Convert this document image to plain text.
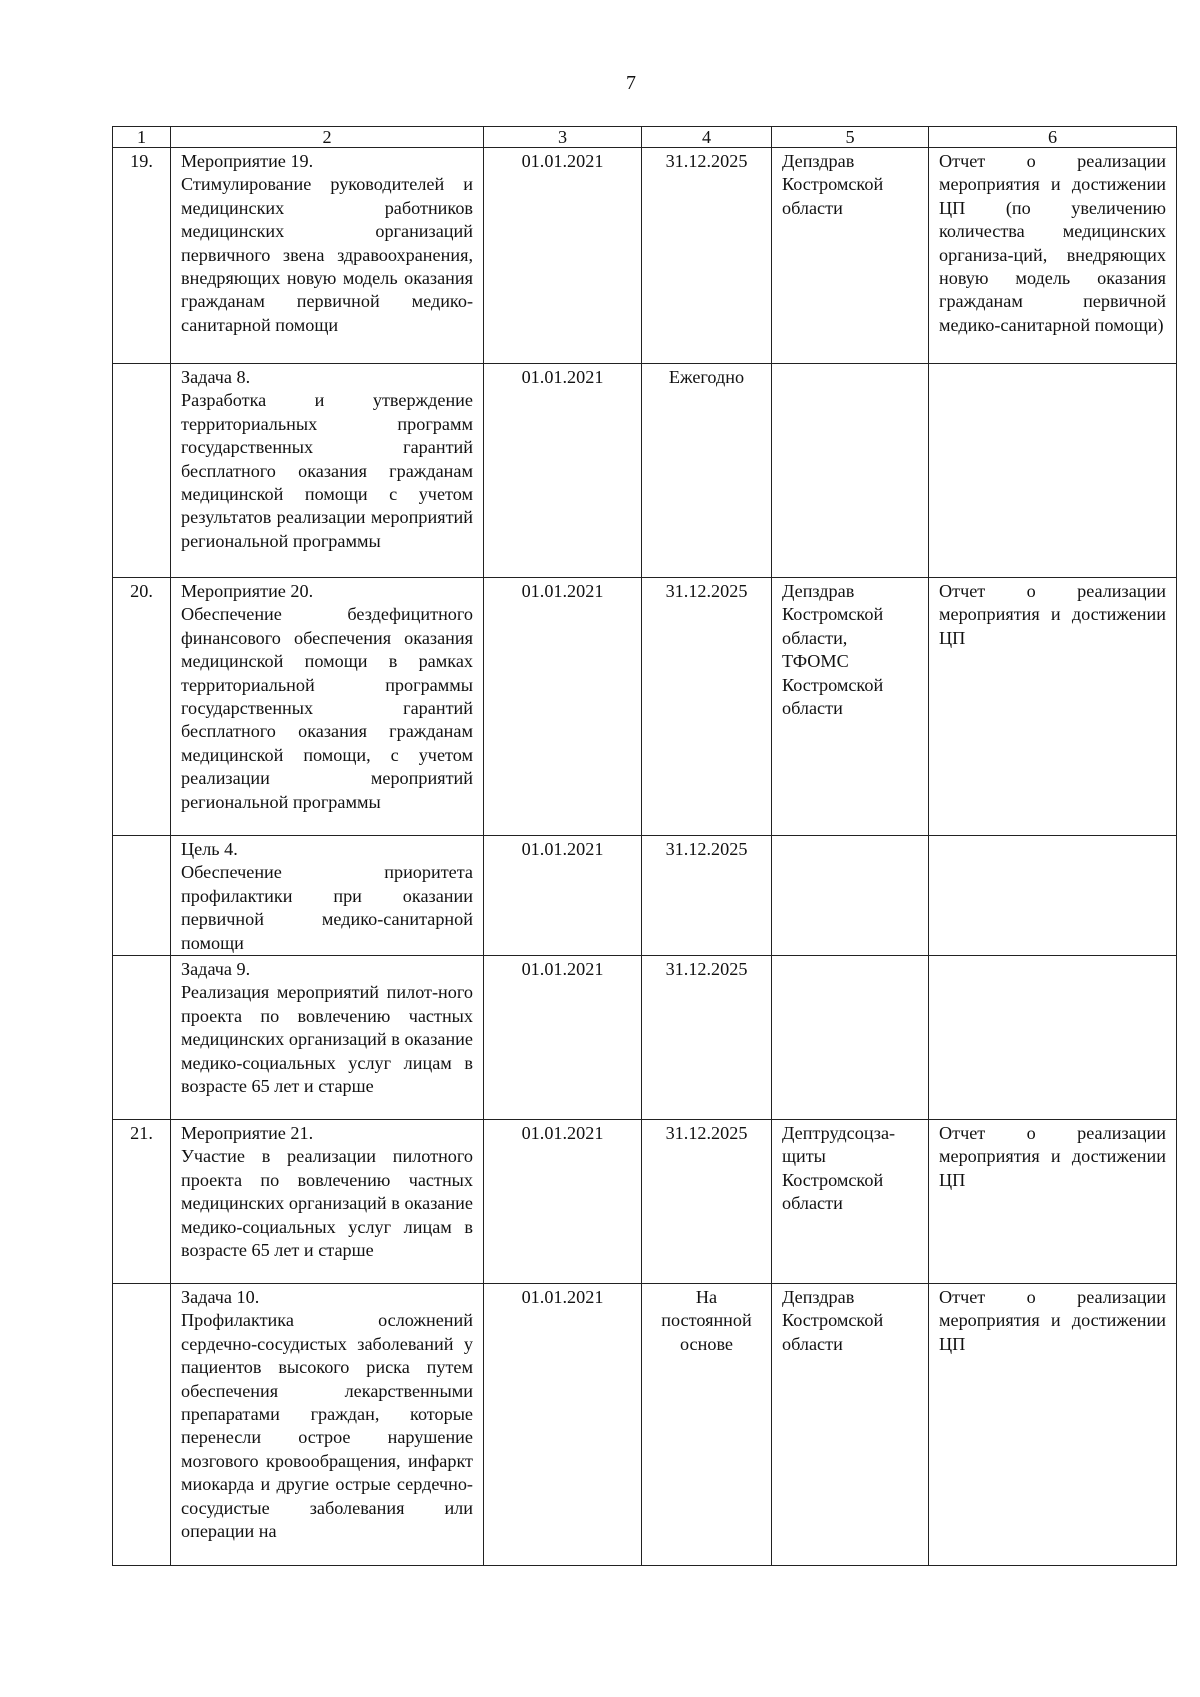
7
1	2	3	4	5	6
19.	Мероприятие 19.
Стимулирование руководителей и медицинских работников медицинских организаций первичного звена здравоохранения, внедряющих новую модель оказания гражданам первичной медико-санитарной помощи	01.01.2021	31.12.2025	Депздрав Костромской области	Отчет о реализации мероприятия и достижении ЦП (по увеличению количества медицинских организа-ций, внедряющих новую модель оказания гражданам первичной медико-санитарной помощи)

	Задача 8.
Разработка и утверждение территориальных программ государственных гарантий бесплатного оказания гражданам медицинской помощи с учетом результатов реализации мероприятий региональной программы	01.01.2021	Ежегодно		
20.	Мероприятие 20.
Обеспечение бездефицитного финансового обеспечения оказания медицинской помощи в рамках территориальной программы государственных гарантий бесплатного оказания гражданам медицинской помощи, с учетом реализации мероприятий региональной программы	01.01.2021	31.12.2025	Депздрав Костромской области, ТФОМС Костромской области	Отчет о реализации мероприятия и достижении ЦП

	Цель 4.
Обеспечение приоритета профилактики при оказании первичной медико-санитарной помощи	01.01.2021	31.12.2025		

	Задача 9.
Реализация мероприятий пилот-ного проекта по вовлечению частных медицинских организаций в оказание медико-социальных услуг лицам в возрасте 65 лет и старше	01.01.2021	31.12.2025		
21.	Мероприятие 21.
Участие в реализации пилотного проекта по вовлечению частных медицинских организаций в оказание медико-социальных услуг лицам в возрасте 65 лет и старше	01.01.2021	31.12.2025	Дептрудсоцза-щиты Костромской области	Отчет о реализации мероприятия и достижении ЦП

	Задача 10.
Профилактика осложнений сердечно-сосудистых заболеваний у пациентов высокого риска путем обеспечения лекарственными препаратами граждан, которые перенесли острое нарушение мозгового кровообращения, инфаркт миокарда и другие острые сердечно-сосудистые заболевания или операции на	01.01.2021	На постоянной основе	Депздрав Костромской области	Отчет о реализации мероприятия и достижении ЦП
